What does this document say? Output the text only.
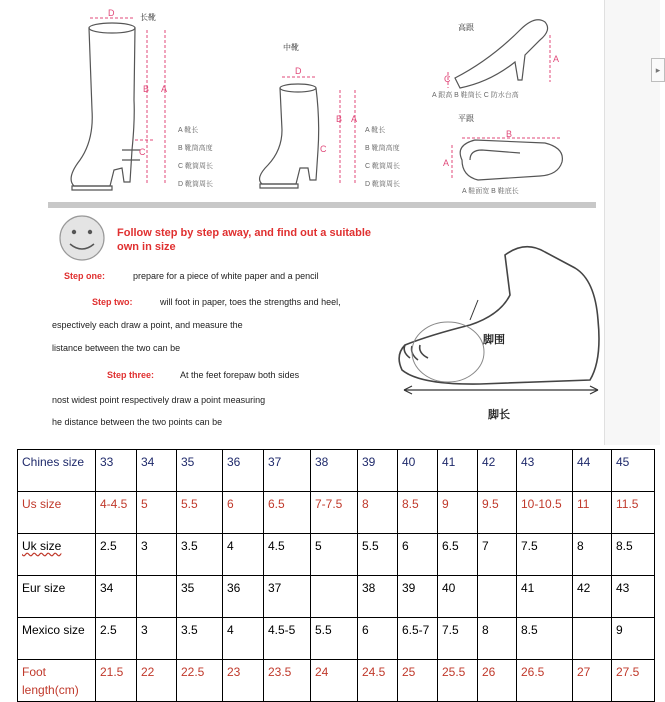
D
B A
C
长靴
A 靴长
B 靴筒高度
C 靴筒周长
D 靴筒周长
中靴
D
B A
C
A 靴长
B 靴筒高度
C 靴筒周长
D 靴筒周长
高跟
A
C
A 跟高 B 鞋筒长 C 防水台高
平跟
B
A
A 鞋面宽 B 鞋底长
脚围
脚长
Follow step by step away, and find out a suitable
own in size
Step one:	prepare for a piece of white paper and a pencil
Step two:	will foot in paper, toes the strengths and heel,
espectively each draw a point, and measure the
listance between the two can be
Step three:	At the feet forepaw both sides
nost widest point respectively draw a point measuring
he distance between the two points can be
▸
Chines size	33	34	35	36	37	38	39	40	41	42	43	44	45
Us size	4-4.5	5	5.5	6	6.5	7-7.5	8	8.5	9	9.5	10-10.5	11	11.5
Uk size	2.5	3	3.5	4	4.5	5	5.5	6	6.5	7	7.5	8	8.5
Eur size	34		35	36	37		38	39	40		41	42	43
Mexico size	2.5	3	3.5	4	4.5-5	5.5	6	6.5-7	7.5	8	8.5		9
Foot length(cm)	21.5	22	22.5	23	23.5	24	24.5	25	25.5	26	26.5	27	27.5
